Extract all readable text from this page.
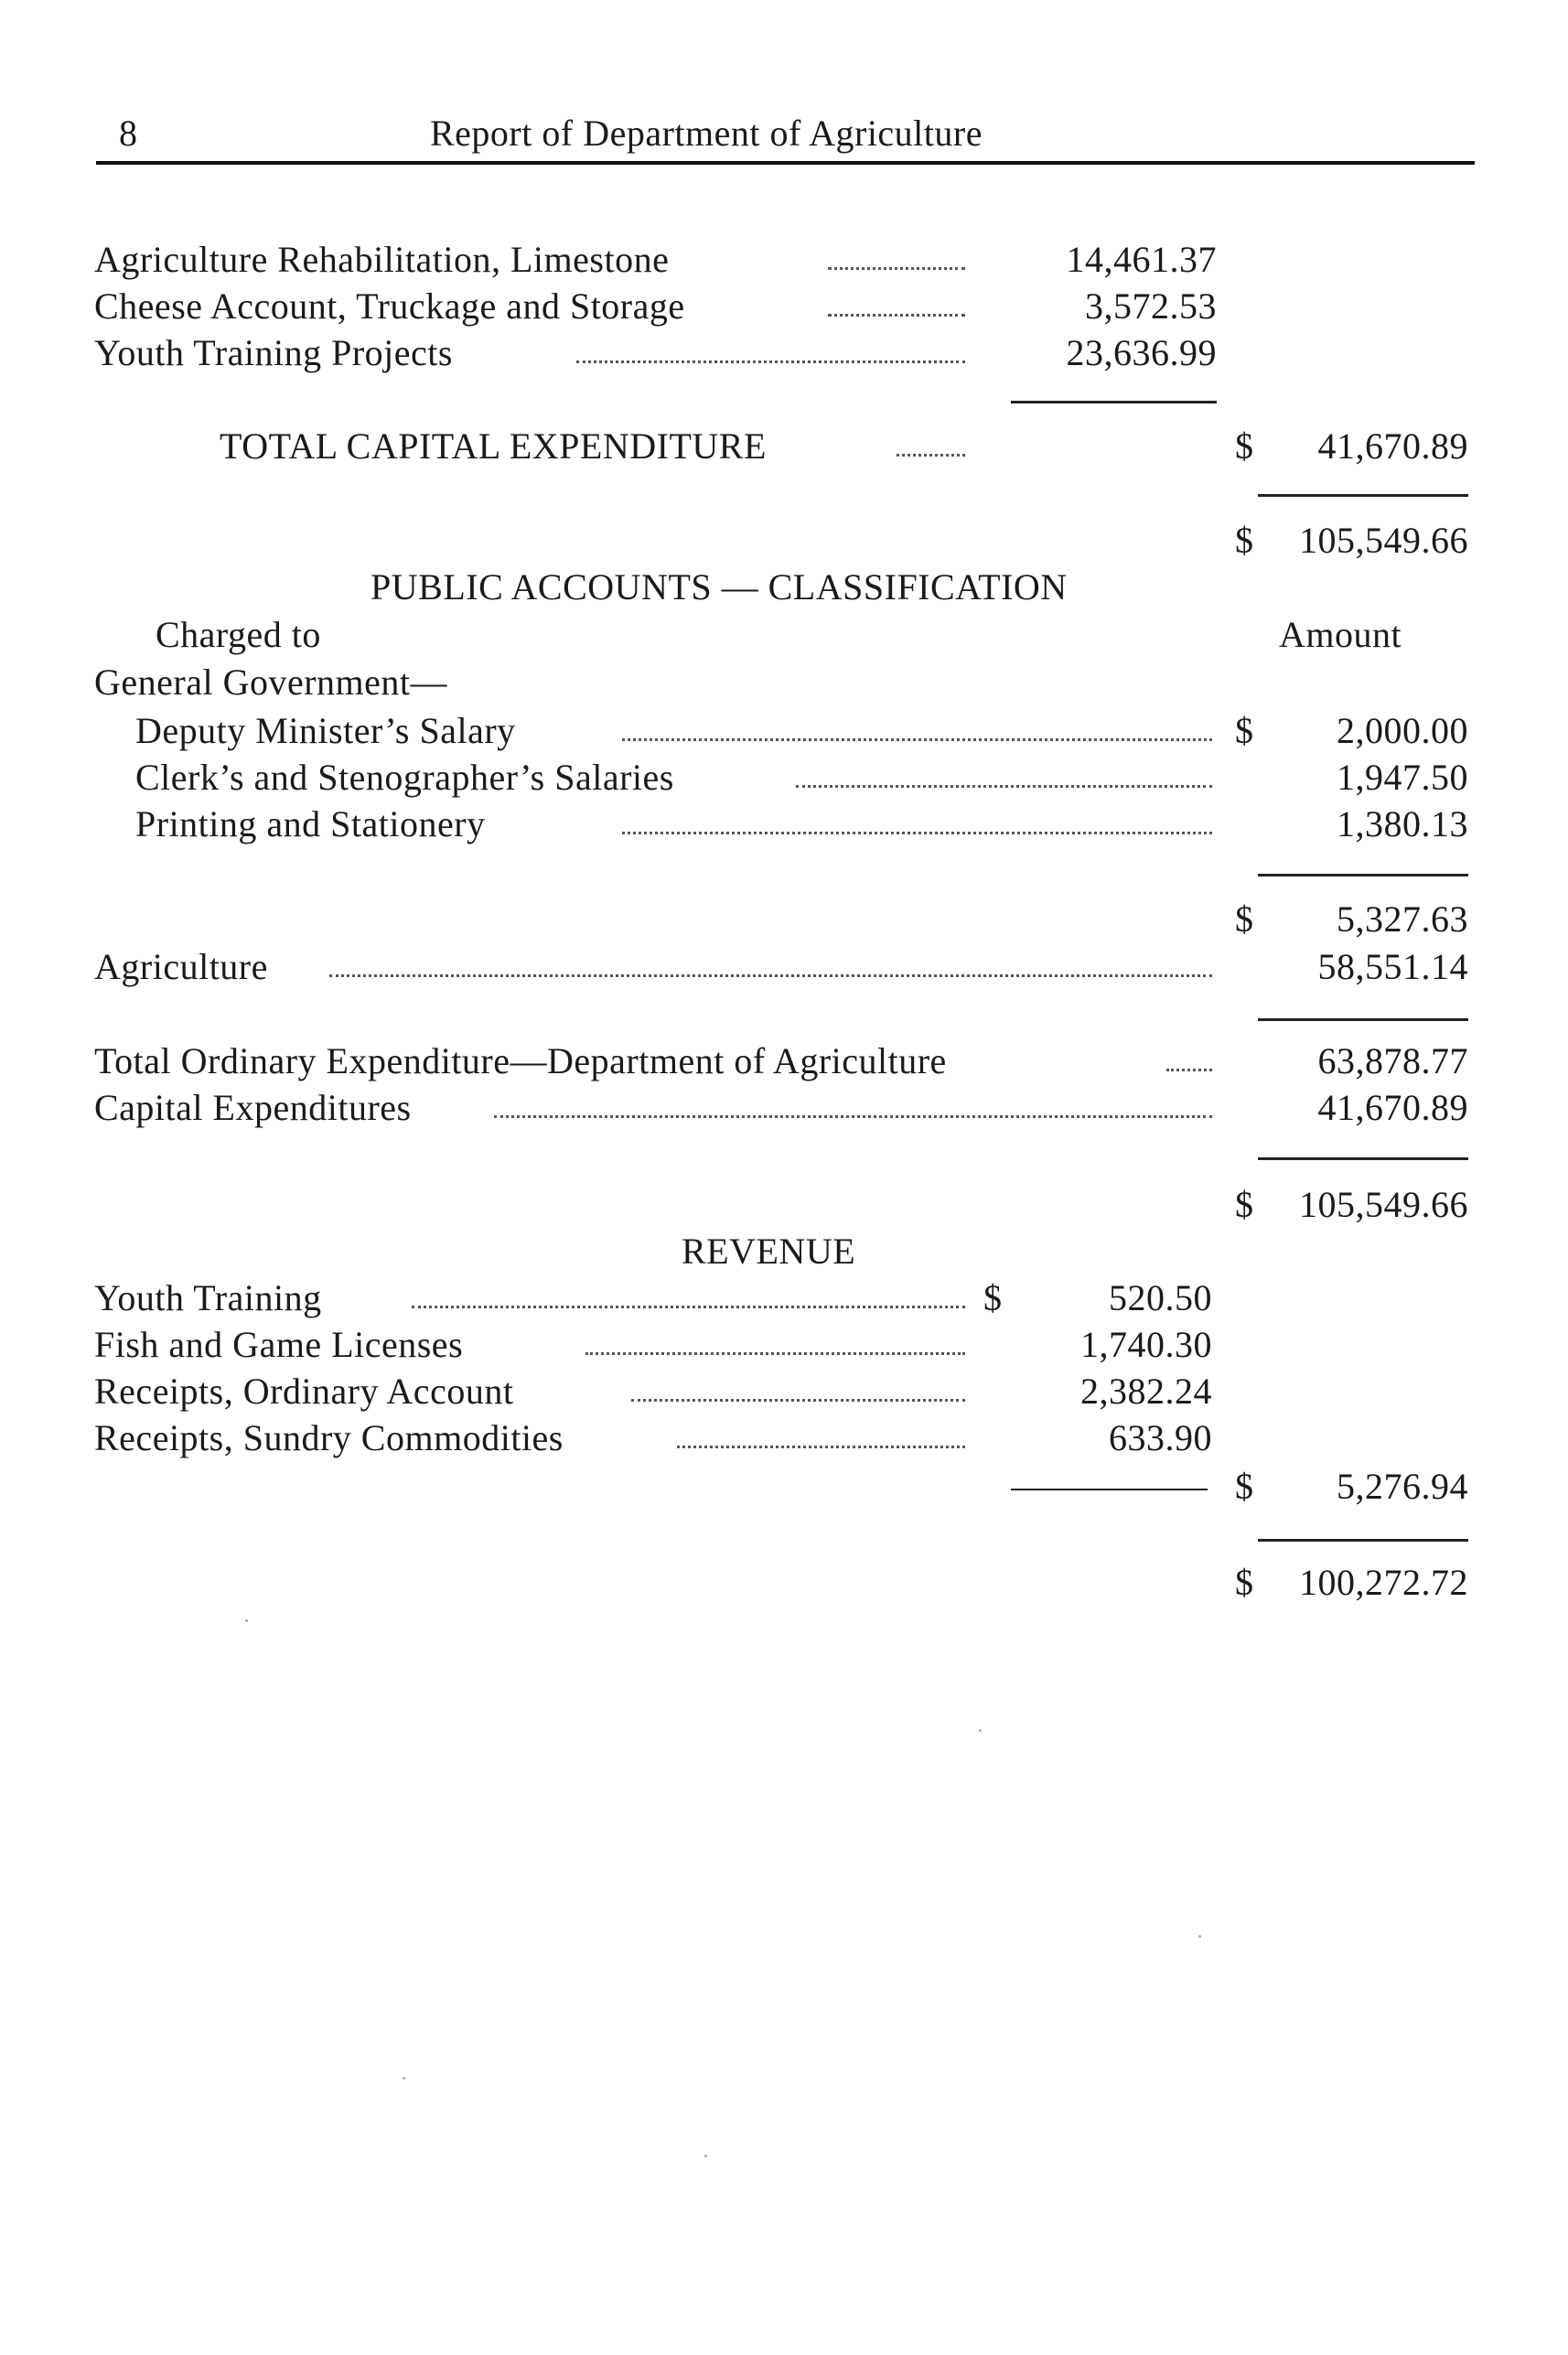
8	Report of Department of Agriculture
Agriculture Rehabilitation, Limestone	14,461.37
Cheese Account, Truckage and Storage	3,572.53
Youth Training Projects	23,636.99
TOTAL CAPITAL EXPENDITURE	$	41,670.89
$	105,549.66
PUBLIC ACCOUNTS — CLASSIFICATION
Charged to	Amount
General Government—
Deputy Minister’s Salary	$	2,000.00
Clerk’s and Stenographer’s Salaries	1,947.50
Printing and Stationery	1,380.13
$	5,327.63
Agriculture	58,551.14
Total Ordinary Expenditure—Department of Agriculture	63,878.77
Capital Expenditures	41,670.89
$	105,549.66
REVENUE
Youth Training	$	520.50
Fish and Game Licenses	1,740.30
Receipts, Ordinary Account	2,382.24
Receipts, Sundry Commodities	633.90
$	5,276.94
$	100,272.72
